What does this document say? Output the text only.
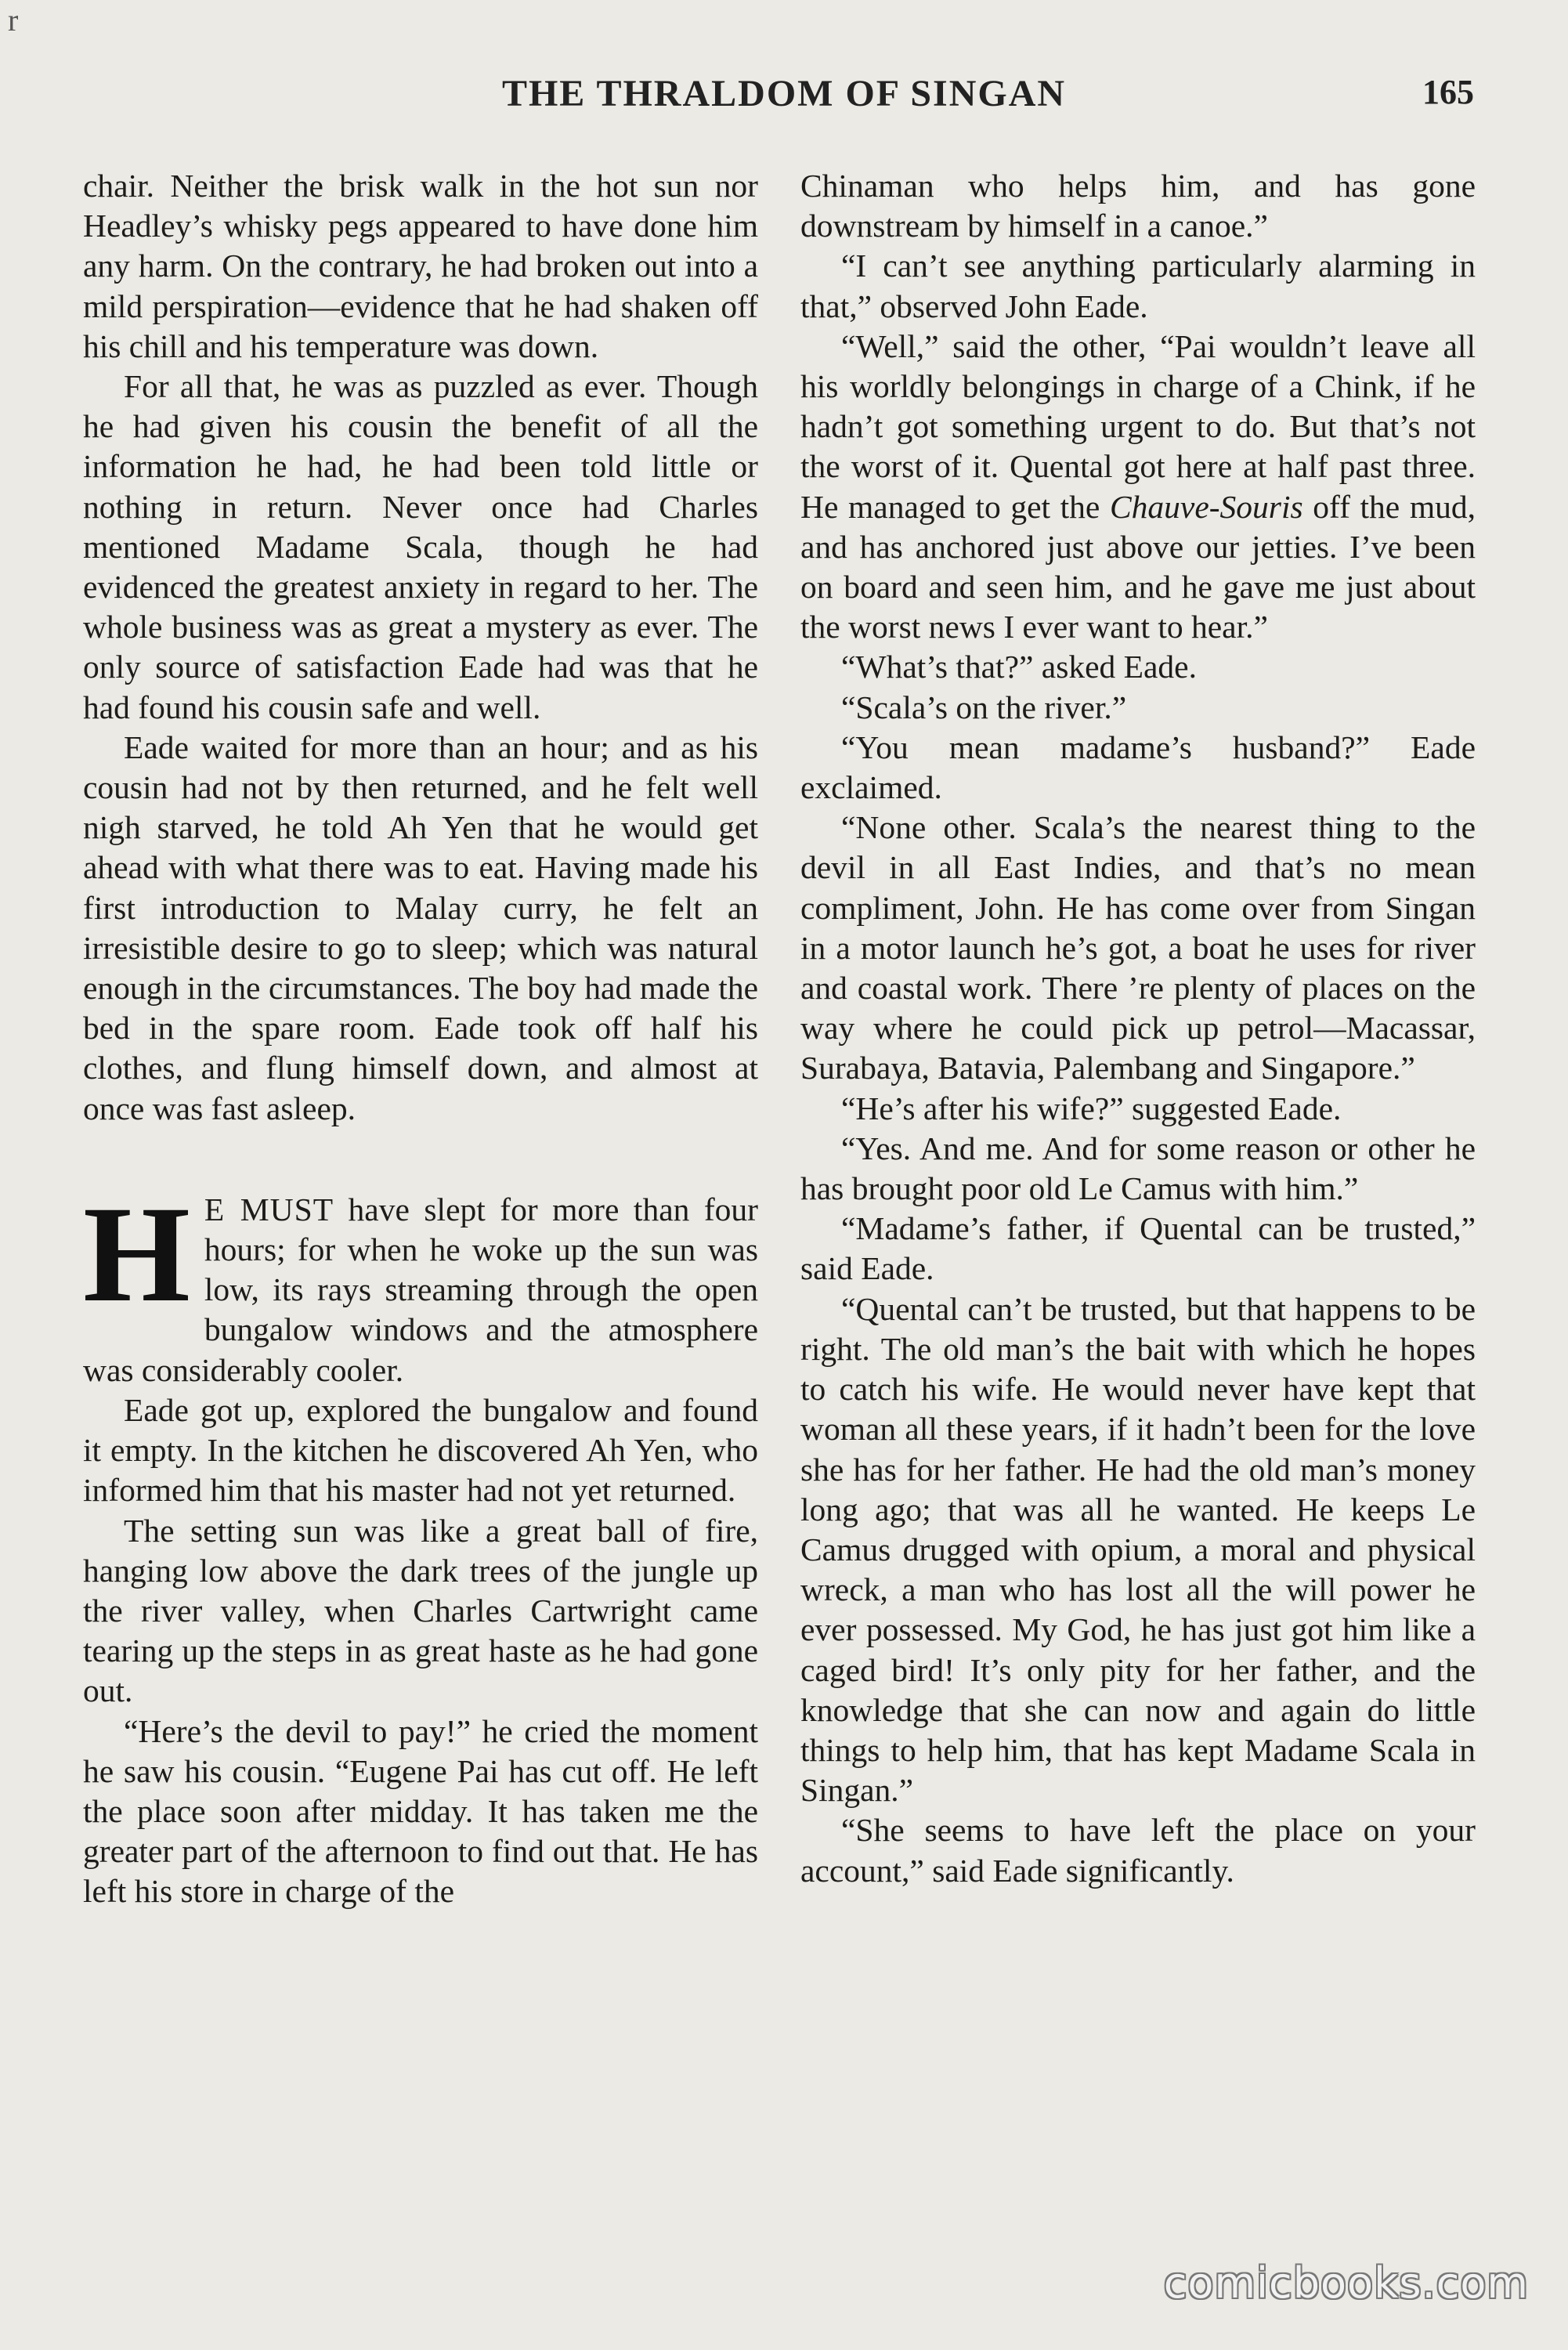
r
THE THRALDOM OF SINGAN	165

chair. Neither the brisk walk in the hot sun nor Headley’s whisky pegs appeared to have done him any harm. On the contrary, he had broken out into a mild perspiration—evidence that he had shaken off his chill and his temperature was down.

For all that, he was as puzzled as ever. Though he had given his cousin the benefit of all the information he had, he had been told little or nothing in return. Never once had Charles mentioned Madame Scala, though he had evidenced the greatest anxiety in regard to her. The whole business was as great a mystery as ever. The only source of satisfaction Eade had was that he had found his cousin safe and well.

Eade waited for more than an hour; and as his cousin had not by then returned, and he felt well nigh starved, he told Ah Yen that he would get ahead with what there was to eat. Having made his first introduction to Malay curry, he felt an irresistible desire to go to sleep; which was natural enough in the circumstances. The boy had made the bed in the spare room. Eade took off half his clothes, and flung himself down, and almost at once was fast asleep.

H E MUST have slept for more than four hours; for when he woke up the sun was low, its rays streaming through the open bungalow windows and the atmosphere was considerably cooler.

Eade got up, explored the bungalow and found it empty. In the kitchen he discovered Ah Yen, who informed him that his master had not yet returned.

The setting sun was like a great ball of fire, hanging low above the dark trees of the jungle up the river valley, when Charles Cartwright came tearing up the steps in as great haste as he had gone out.

“Here’s the devil to pay!” he cried the moment he saw his cousin. “Eugene Pai has cut off. He left the place soon after midday. It has taken me the greater part of the afternoon to find out that. He has left his store in charge of the

Chinaman who helps him, and has gone downstream by himself in a canoe.”

“I can’t see anything particularly alarming in that,” observed John Eade.

“Well,” said the other, “Pai wouldn’t leave all his worldly belongings in charge of a Chink, if he hadn’t got something urgent to do. But that’s not the worst of it. Quental got here at half past three. He managed to get the Chauve-Souris off the mud, and has anchored just above our jetties. I’ve been on board and seen him, and he gave me just about the worst news I ever want to hear.”

“What’s that?” asked Eade.

“Scala’s on the river.”

“You mean madame’s husband?” Eade exclaimed.

“None other. Scala’s the nearest thing to the devil in all East Indies, and that’s no mean compliment, John. He has come over from Singan in a motor launch he’s got, a boat he uses for river and coastal work. There ’re plenty of places on the way where he could pick up petrol—Macassar, Surabaya, Batavia, Palembang and Singapore.”

“He’s after his wife?” suggested Eade.

“Yes. And me. And for some reason or other he has brought poor old Le Camus with him.”

“Madame’s father, if Quental can be trusted,” said Eade.

“Quental can’t be trusted, but that happens to be right. The old man’s the bait with which he hopes to catch his wife. He would never have kept that woman all these years, if it hadn’t been for the love she has for her father. He had the old man’s money long ago; that was all he wanted. He keeps Le Camus drugged with opium, a moral and physical wreck, a man who has lost all the will power he ever possessed. My God, he has just got him like a caged bird! It’s only pity for her father, and the knowledge that she can now and again do little things to help him, that has kept Madame Scala in Singan.”

“She seems to have left the place on your account,” said Eade significantly.

comicbooks.com
